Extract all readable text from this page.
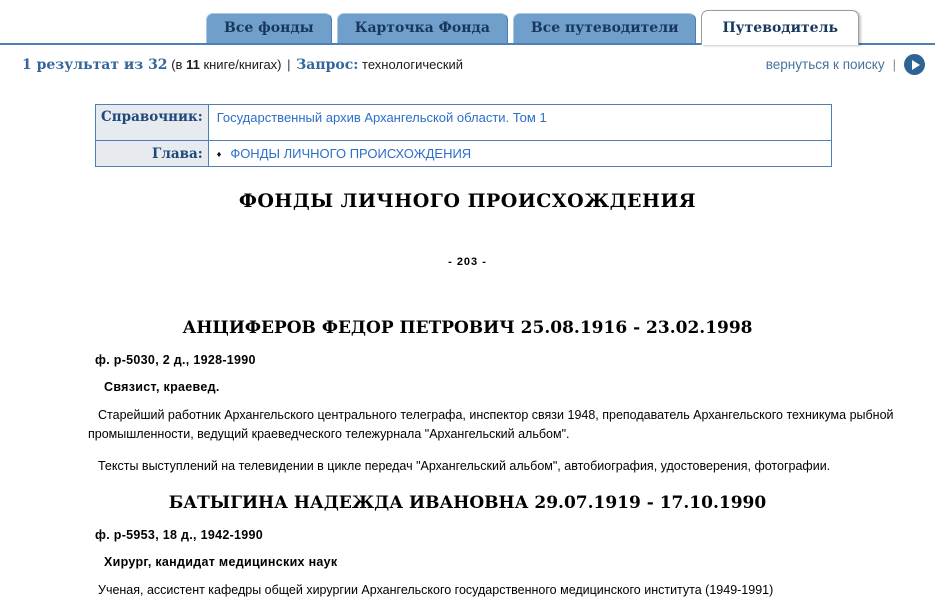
Все фонды	Карточка Фонда	Все путеводители	Путеводитель
1 результат из 32 (в 11 книге/книгах) | Запрос: технологический	вернуться к поиску |
Справочник:	Государственный архив Архангельской области. Том 1
Глава:	♦ ФОНДЫ ЛИЧНОГО ПРОИСХОЖДЕНИЯ
ФОНДЫ ЛИЧНОГО ПРОИСХОЖДЕНИЯ
- 203 -
АНЦИФЕРОВ ФЕДОР ПЕТРОВИЧ 25.08.1916 - 23.02.1998
ф. р-5030, 2 д., 1928-1990
Связист, краевед.

Старейший работник Архангельского центрального телеграфа, инспектор связи 1948, преподаватель Архангельского техникума рыбной промышленности, ведущий краеведческого тележурнала "Архангельский альбом".

Тексты выступлений на телевидении в цикле передач "Архангельский альбом", автобиография, удостоверения, фотографии.

БАТЫГИНА НАДЕЖДА ИВАНОВНА 29.07.1919 - 17.10.1990
ф. р-5953, 18 д., 1942-1990
Хирург, кандидат медицинских наук

Ученая, ассистент кафедры общей хирургии Архангельского государственного медицинского института (1949-1991)
